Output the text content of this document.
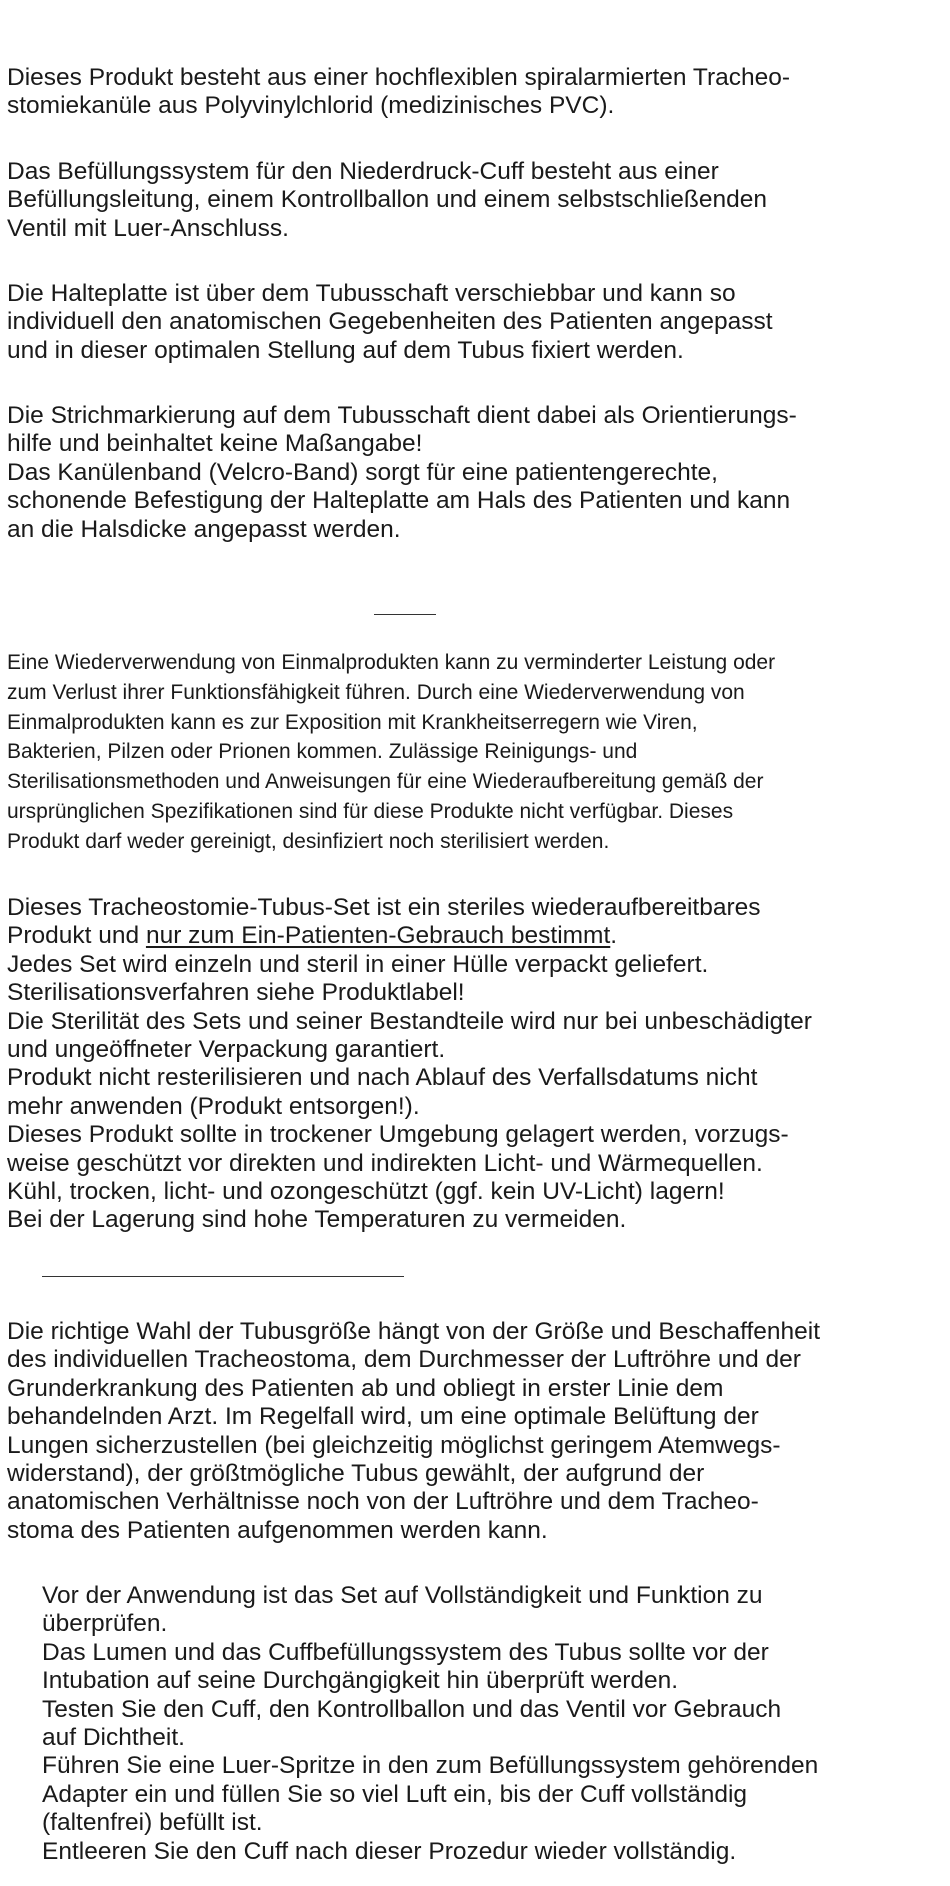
Dieses Produkt besteht aus einer hochflexiblen spiralarmierten Tracheo-
stomiekanüle aus Polyvinylchlorid (medizinisches PVC).

Das Befüllungssystem für den Niederdruck-Cuff besteht aus einer
Befüllungsleitung, einem Kontrollballon und einem selbstschließenden
Ventil mit Luer-Anschluss.

Die Halteplatte ist über dem Tubusschaft verschiebbar und kann so
individuell den anatomischen Gegebenheiten des Patienten angepasst
und in dieser optimalen Stellung auf dem Tubus fixiert werden.

Die Strichmarkierung auf dem Tubusschaft dient dabei als Orientierungs-
hilfe und beinhaltet keine Maßangabe!
Das Kanülenband (Velcro-Band) sorgt für eine patientengerechte,
schonende Befestigung der Halteplatte am Hals des Patienten und kann
an die Halsdicke angepasst werden.

Eine Wiederverwendung von Einmalprodukten kann zu verminderter Leistung oder
zum Verlust ihrer Funktionsfähigkeit führen. Durch eine Wiederverwendung von
Einmalprodukten kann es zur Exposition mit Krankheitserregern wie Viren,
Bakterien, Pilzen oder Prionen kommen. Zulässige Reinigungs- und
Sterilisationsmethoden und Anweisungen für eine Wiederaufbereitung gemäß der
ursprünglichen Spezifikationen sind für diese Produkte nicht verfügbar. Dieses
Produkt darf weder gereinigt, desinfiziert noch sterilisiert werden.

Dieses Tracheostomie-Tubus-Set ist ein steriles wiederaufbereitbares
Produkt und nur zum Ein-Patienten-Gebrauch bestimmt.
Jedes Set wird einzeln und steril in einer Hülle verpackt geliefert.
Sterilisationsverfahren siehe Produktlabel!
Die Sterilität des Sets und seiner Bestandteile wird nur bei unbeschädigter
und ungeöffneter Verpackung garantiert.
Produkt nicht resterilisieren und nach Ablauf des Verfallsdatums nicht
mehr anwenden (Produkt entsorgen!).
Dieses Produkt sollte in trockener Umgebung gelagert werden, vorzugs-
weise geschützt vor direkten und indirekten Licht- und Wärmequellen.
Kühl, trocken, licht- und ozongeschützt (ggf. kein UV-Licht) lagern!
Bei der Lagerung sind hohe Temperaturen zu vermeiden.

Die richtige Wahl der Tubusgröße hängt von der Größe und Beschaffenheit
des individuellen Tracheostoma, dem Durchmesser der Luftröhre und der
Grunderkrankung des Patienten ab und obliegt in erster Linie dem
behandelnden Arzt. Im Regelfall wird, um eine optimale Belüftung der
Lungen sicherzustellen (bei gleichzeitig möglichst geringem Atemwegs-
widerstand), der größtmögliche Tubus gewählt, der aufgrund der
anatomischen Verhältnisse noch von der Luftröhre und dem Tracheo-
stoma des Patienten aufgenommen werden kann.

Vor der Anwendung ist das Set auf Vollständigkeit und Funktion zu
überprüfen.
Das Lumen und das Cuffbefüllungssystem des Tubus sollte vor der
Intubation auf seine Durchgängigkeit hin überprüft werden.
Testen Sie den Cuff, den Kontrollballon und das Ventil vor Gebrauch
auf Dichtheit.
Führen Sie eine Luer-Spritze in den zum Befüllungssystem gehörenden
Adapter ein und füllen Sie so viel Luft ein, bis der Cuff vollständig
(faltenfrei) befüllt ist.
Entleeren Sie den Cuff nach dieser Prozedur wieder vollständig.
